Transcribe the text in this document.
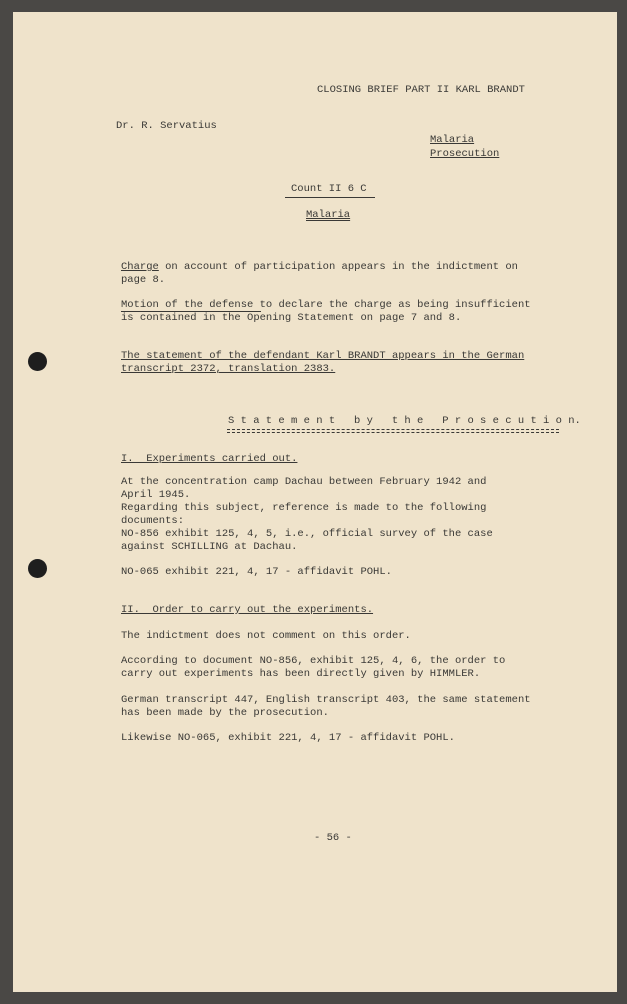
CLOSING BRIEF PART II KARL BRANDT

Dr. R. Servatius

Malaria

Prosecution

Count II 6 C

Malaria

Charge on account of participation appears in the indictment on

page 8.

Motion of the defense to declare the charge as being insufficient

is contained in the Opening Statement on page 7 and 8.

The statement of the defendant Karl BRANDT appears in the German

transcript 2372, translation 2383.

S t a t e m e n t   b y   t h e   P r o s e c u t i o n.

I.  Experiments carried out.

At the concentration camp Dachau between February 1942 and

April 1945.

Regarding this subject, reference is made to the following

documents:

NO-856 exhibit 125, 4, 5, i.e., official survey of the case

against SCHILLING at Dachau.

NO-065 exhibit 221, 4, 17 - affidavit POHL.

II.  Order to carry out the experiments.

The indictment does not comment on this order.

According to document NO-856, exhibit 125, 4, 6, the order to

carry out experiments has been directly given by HIMMLER.

German transcript 447, English transcript 403, the same statement

has been made by the prosecution.

Likewise NO-065, exhibit 221, 4, 17 - affidavit POHL.

- 56 -
